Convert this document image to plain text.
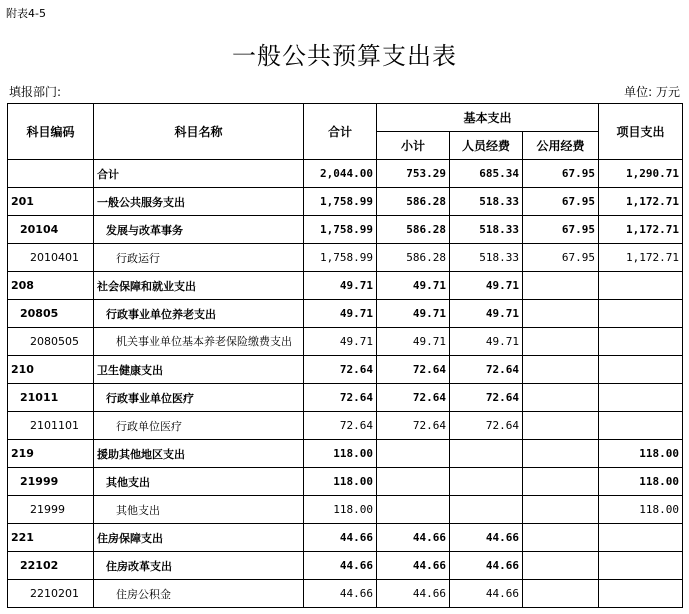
附表4-5
一般公共预算支出表
填报部门:	单位: 万元
科目编码	科目名称	合计	基本支出			项目支出
			小计	人员经费	公用经费	
	合计	2,044.00	753.29	685.34	67.95	1,290.71
201	一般公共服务支出	1,758.99	586.28	518.33	67.95	1,172.71
20104	发展与改革事务	1,758.99	586.28	518.33	67.95	1,172.71
2010401	行政运行	1,758.99	586.28	518.33	67.95	1,172.71
208	社会保障和就业支出	49.71	49.71	49.71		
20805	行政事业单位养老支出	49.71	49.71	49.71		
2080505	机关事业单位基本养老保险缴费支出	49.71	49.71	49.71		
210	卫生健康支出	72.64	72.64	72.64		
21011	行政事业单位医疗	72.64	72.64	72.64		
2101101	行政单位医疗	72.64	72.64	72.64		
219	援助其他地区支出	118.00				118.00
21999	其他支出	118.00				118.00
21999	其他支出	118.00				118.00
221	住房保障支出	44.66	44.66	44.66		
22102	住房改革支出	44.66	44.66	44.66		
2210201	住房公积金	44.66	44.66	44.66		
